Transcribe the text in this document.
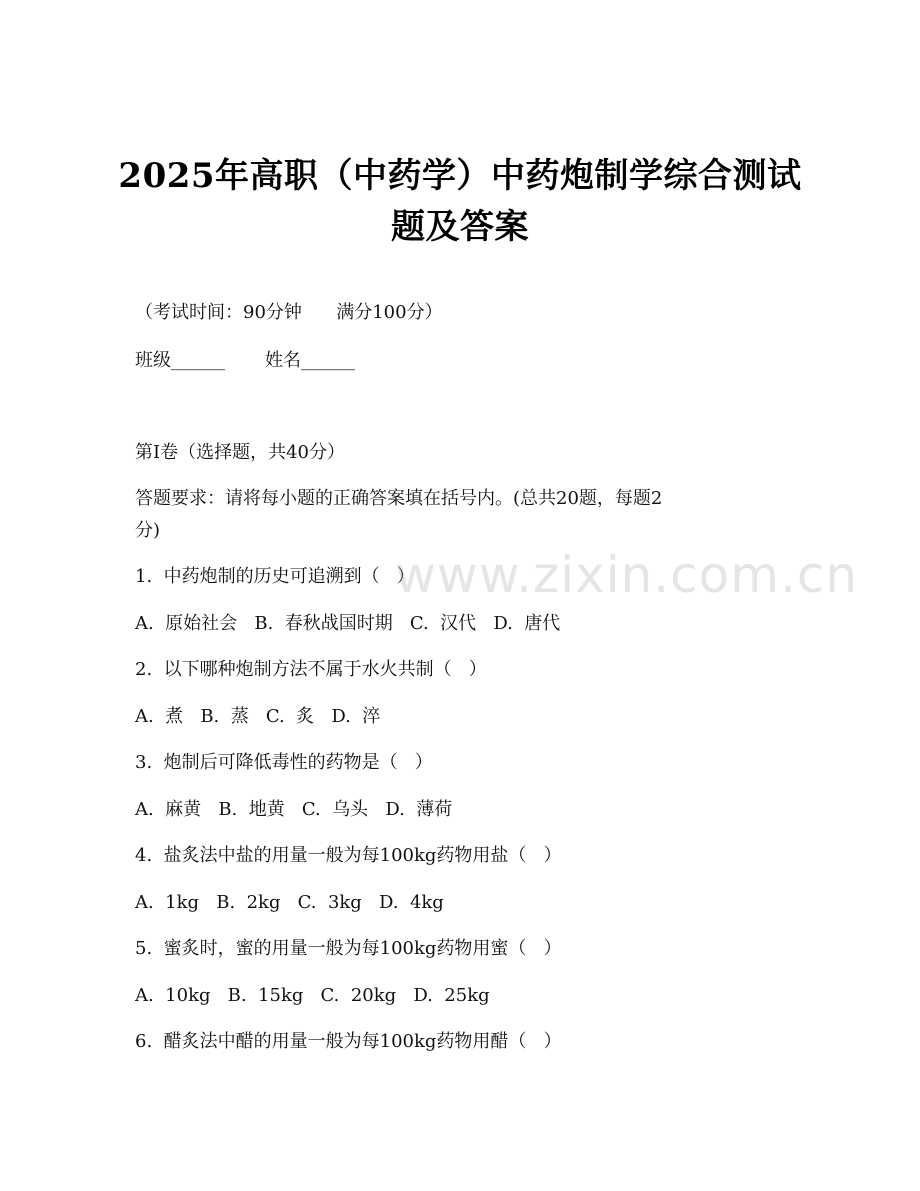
2025年高职（中药学）中药炮制学综合测试
题及答案
（考试时间：90分钟      满分100分）
班级______       姓名______
第I卷（选择题，共40分）
答题要求：请将每小题的正确答案填在括号内。(总共20题，每题2
分)
1.  中药炮制的历史可追溯到（   ）
A.  原始社会   B.  春秋战国时期   C.  汉代   D.  唐代
2.  以下哪种炮制方法不属于水火共制（   ）
A.  煮   B.  蒸   C.  炙   D.  淬
3.  炮制后可降低毒性的药物是（   ）
A.  麻黄   B.  地黄   C.  乌头   D.  薄荷
4.  盐炙法中盐的用量一般为每100kg药物用盐（   ）
A.  1kg   B.  2kg   C.  3kg   D.  4kg
5.  蜜炙时，蜜的用量一般为每100kg药物用蜜（   ）
A.  10kg   B.  15kg   C.  20kg   D.  25kg
6.  醋炙法中醋的用量一般为每100kg药物用醋（   ）
www.zixin.com.cn
